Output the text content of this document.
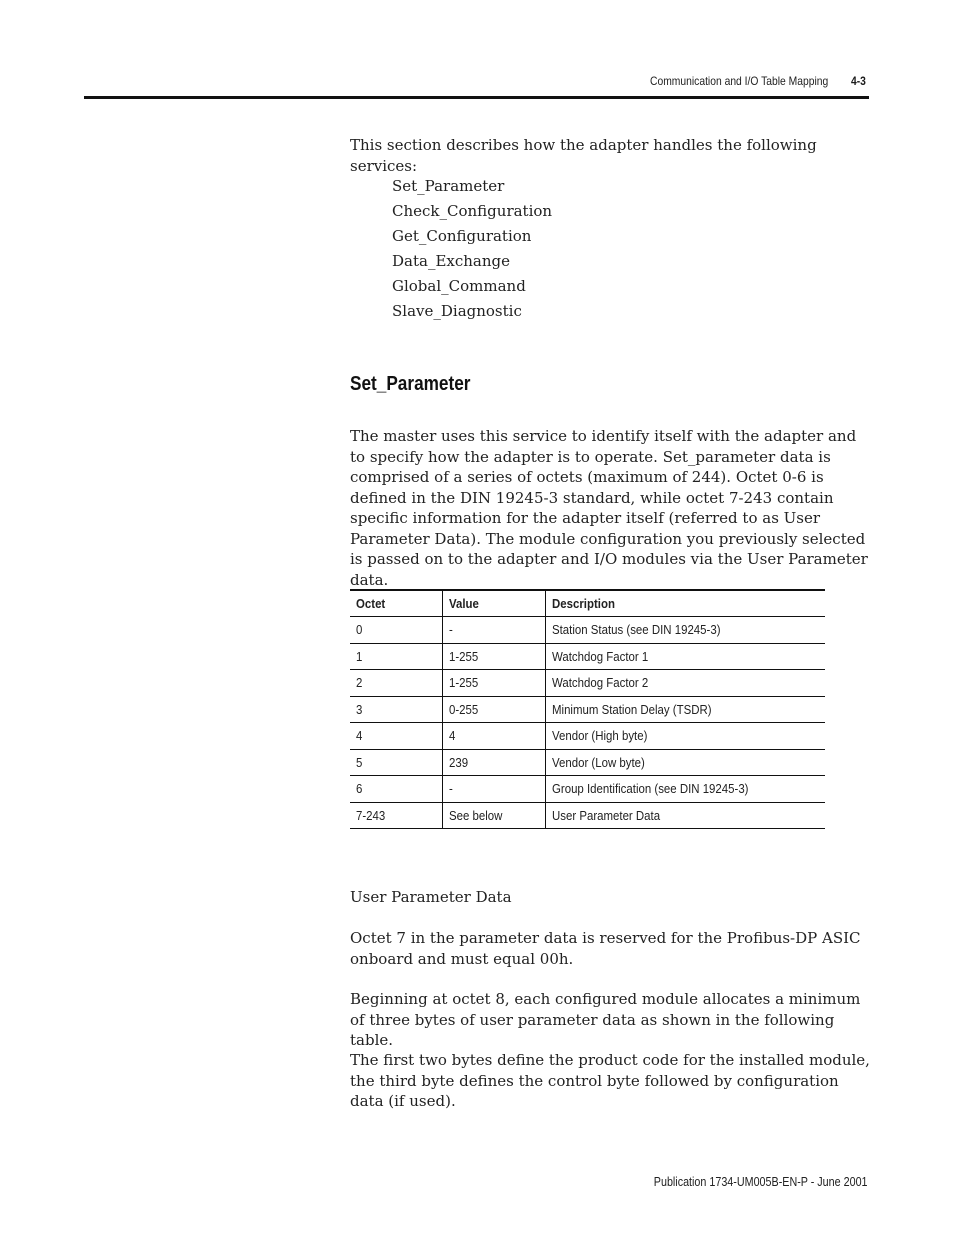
Communication and I/O Table Mapping 4-3

This section describes how the adapter handles the following services:

Set_Parameter
Check_Configuration
Get_Configuration
Data_Exchange
Global_Command
Slave_Diagnostic
Set_Parameter

The master uses this service to identify itself with the adapter and to specify how the adapter is to operate. Set_parameter data is comprised of a series of octets (maximum of 244). Octet 0-6 is defined in the DIN 19245-3 standard, while octet 7-243 contain specific information for the adapter itself (referred to as User Parameter Data). The module configuration you previously selected is passed on to the adapter and I/O modules via the User Parameter data.

Octet	Value	Description
0	-	Station Status (see DIN 19245-3)
1	1-255	Watchdog Factor 1
2	1-255	Watchdog Factor 2
3	0-255	Minimum Station Delay (TSDR)
4	4	Vendor (High byte)
5	239	Vendor (Low byte)
6	-	Group Identification (see DIN 19245-3)
7-243	See below	User Parameter Data

User Parameter Data

Octet 7 in the parameter data is reserved for the Profibus-DP ASIC onboard and must equal 00h.

Beginning at octet 8, each configured module allocates a minimum of three bytes of user parameter data as shown in the following table.

The first two bytes define the product code for the installed module, the third byte defines the control byte followed by configuration data (if used).

Publication 1734-UM005B-EN-P - June 2001
